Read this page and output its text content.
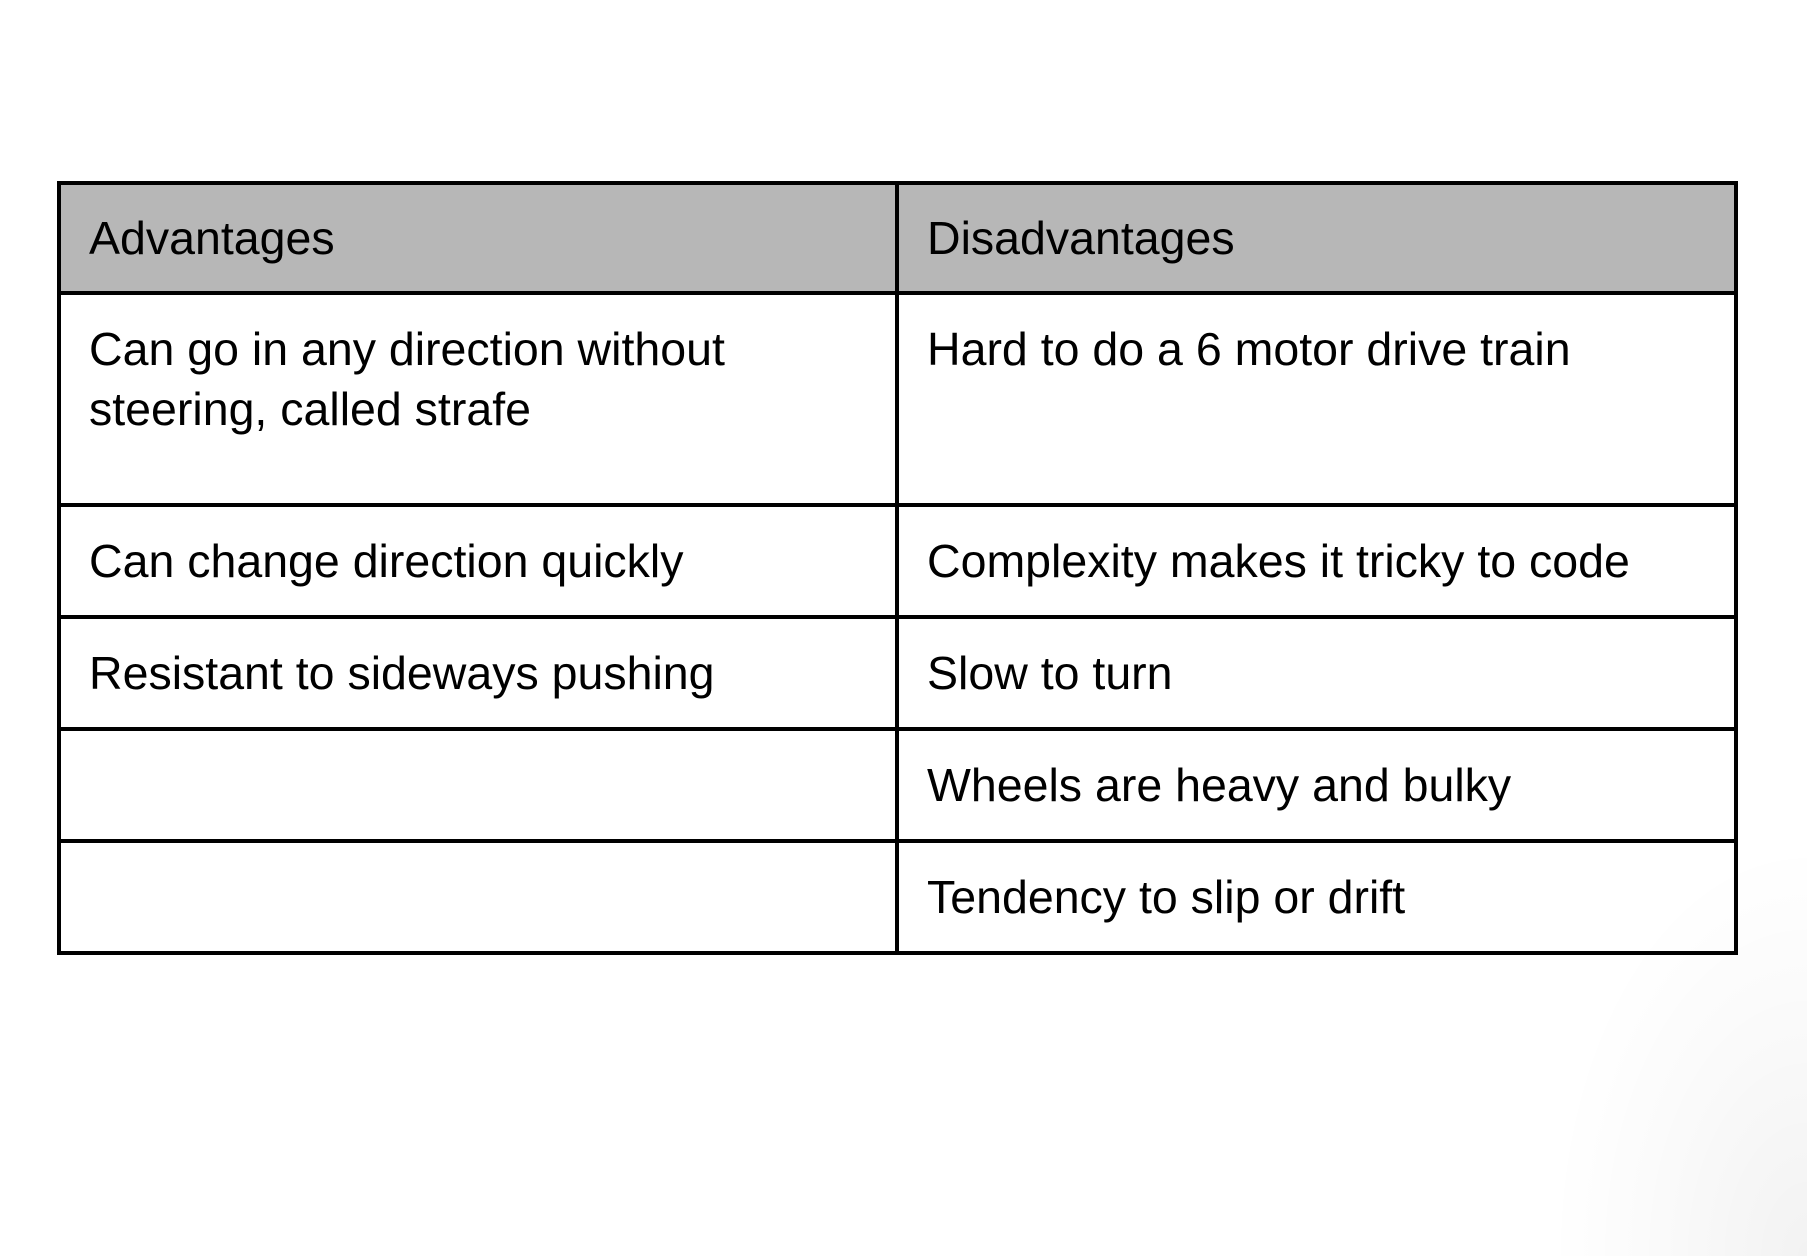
Advantages	Disadvantages
Can go in any direction without steering, called strafe	Hard to do a 6 motor drive train
Can change direction quickly	Complexity makes it tricky to code
Resistant to sideways pushing	Slow to turn
	Wheels are heavy and bulky
	Tendency to slip or drift
